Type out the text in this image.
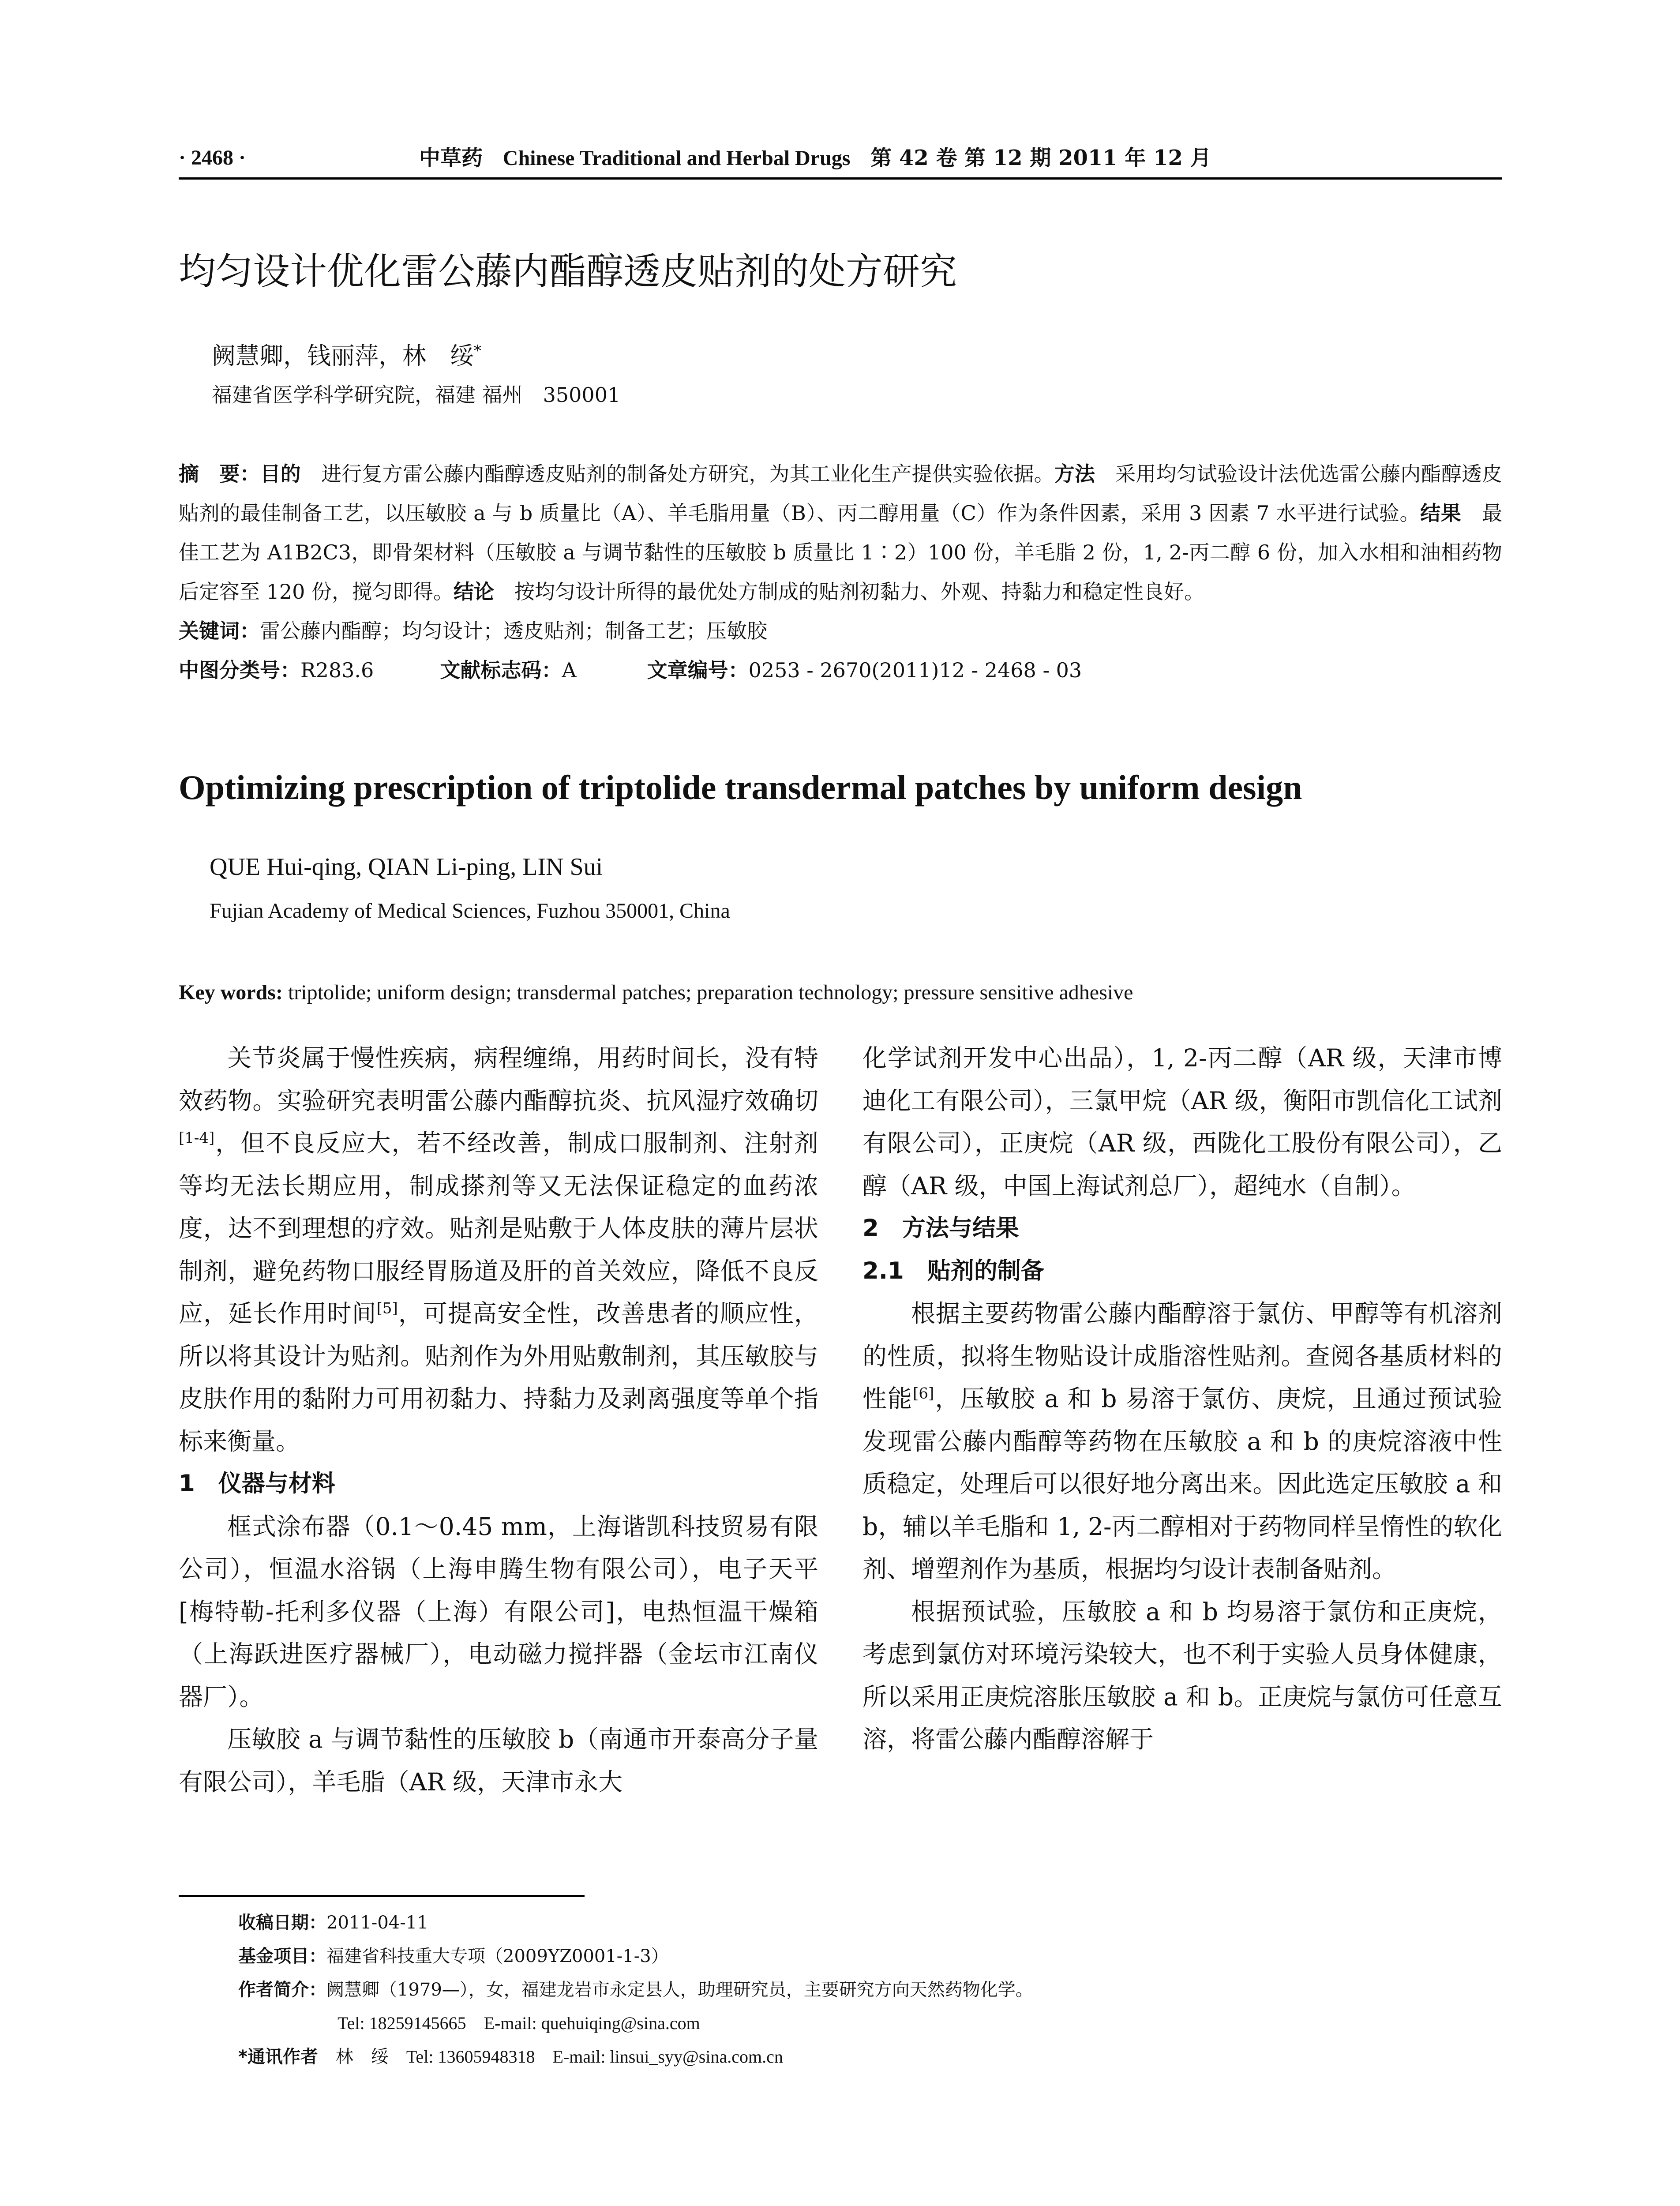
· 2468 ·	中草药 Chinese Traditional and Herbal Drugs 第 42 卷 第 12 期 2011 年 12 月
均匀设计优化雷公藤内酯醇透皮贴剂的处方研究
阙慧卿，钱丽萍，林　绥*
福建省医学科学研究院，福建 福州　350001
摘　要：目的　进行复方雷公藤内酯醇透皮贴剂的制备处方研究，为其工业化生产提供实验依据。方法　采用均匀试验设计法优选雷公藤内酯醇透皮贴剂的最佳制备工艺，以压敏胶 a 与 b 质量比（A）、羊毛脂用量（B）、丙二醇用量（C）作为条件因素，采用 3 因素 7 水平进行试验。结果　最佳工艺为 A1B2C3，即骨架材料（压敏胶 a 与调节黏性的压敏胶 b 质量比 1∶2）100 份，羊毛脂 2 份，1, 2-丙二醇 6 份，加入水相和油相药物后定容至 120 份，搅匀即得。结论　按均匀设计所得的最优处方制成的贴剂初黏力、外观、持黏力和稳定性良好。
关键词：雷公藤内酯醇；均匀设计；透皮贴剂；制备工艺；压敏胶
中图分类号：R283.6	文献标志码：A	文章编号：0253 - 2670(2011)12 - 2468 - 03
Optimizing prescription of triptolide transdermal patches by uniform design
QUE Hui-qing, QIAN Li-ping, LIN Sui
Fujian Academy of Medical Sciences, Fuzhou 350001, China
Key words: triptolide; uniform design; transdermal patches; preparation technology; pressure sensitive adhesive

关节炎属于慢性疾病，病程缠绵，用药时间长，没有特效药物。实验研究表明雷公藤内酯醇抗炎、抗风湿疗效确切[1-4]，但不良反应大，若不经改善，制成口服制剂、注射剂等均无法长期应用，制成搽剂等又无法保证稳定的血药浓度，达不到理想的疗效。贴剂是贴敷于人体皮肤的薄片层状制剂，避免药物口服经胃肠道及肝的首关效应，降低不良反应，延长作用时间[5]，可提高安全性，改善患者的顺应性，所以将其设计为贴剂。贴剂作为外用贴敷制剂，其压敏胶与皮肤作用的黏附力可用初黏力、持黏力及剥离强度等单个指标来衡量。

1　仪器与材料

框式涂布器（0.1～0.45 mm，上海谐凯科技贸易有限公司），恒温水浴锅（上海申腾生物有限公司），电子天平[梅特勒-托利多仪器（上海）有限公司]，电热恒温干燥箱（上海跃进医疗器械厂），电动磁力搅拌器（金坛市江南仪器厂）。

压敏胶 a 与调节黏性的压敏胶 b（南通市开泰高分子量有限公司），羊毛脂（AR 级，天津市永大

化学试剂开发中心出品），1, 2-丙二醇（AR 级，天津市博迪化工有限公司），三氯甲烷（AR 级，衡阳市凯信化工试剂有限公司），正庚烷（AR 级，西陇化工股份有限公司），乙醇（AR 级，中国上海试剂总厂），超纯水（自制）。

2　方法与结果

2.1　贴剂的制备

根据主要药物雷公藤内酯醇溶于氯仿、甲醇等有机溶剂的性质，拟将生物贴设计成脂溶性贴剂。查阅各基质材料的性能[6]，压敏胶 a 和 b 易溶于氯仿、庚烷，且通过预试验发现雷公藤内酯醇等药物在压敏胶 a 和 b 的庚烷溶液中性质稳定，处理后可以很好地分离出来。因此选定压敏胶 a 和 b，辅以羊毛脂和 1, 2-丙二醇相对于药物同样呈惰性的软化剂、增塑剂作为基质，根据均匀设计表制备贴剂。

根据预试验，压敏胶 a 和 b 均易溶于氯仿和正庚烷，考虑到氯仿对环境污染较大，也不利于实验人员身体健康，所以采用正庚烷溶胀压敏胶 a 和 b。正庚烷与氯仿可任意互溶，将雷公藤内酯醇溶解于

收稿日期：2011-04-11
基金项目：福建省科技重大专项（2009YZ0001-1-3）
作者简介：阙慧卿（1979—），女，福建龙岩市永定县人，助理研究员，主要研究方向天然药物化学。
Tel: 18259145665　E-mail: quehuiqing@sina.com
*通讯作者　林　绥　Tel: 13605948318　E-mail: linsui_syy@sina.com.cn
